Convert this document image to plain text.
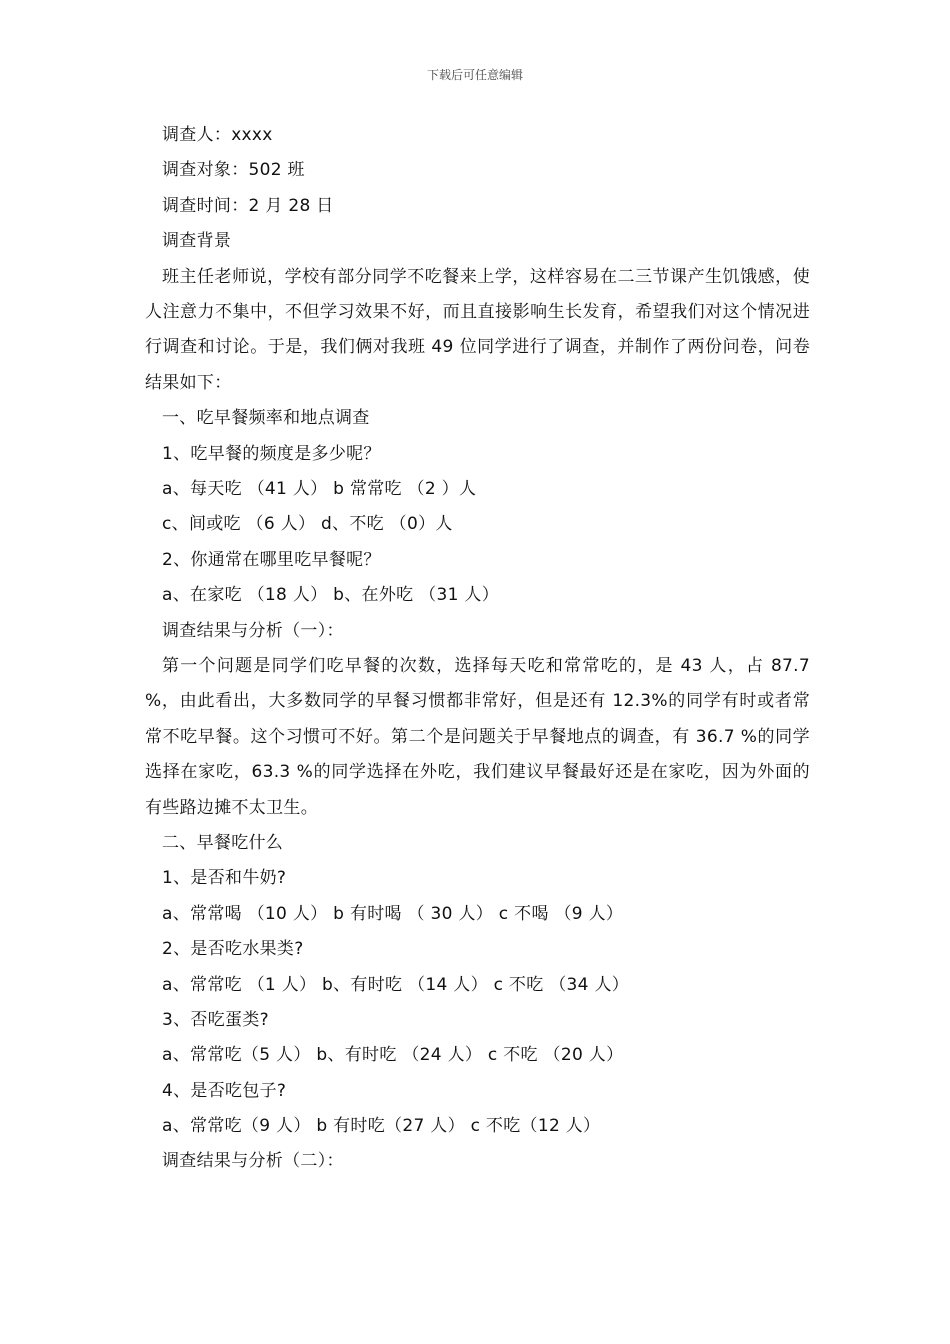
下载后可任意编辑
调查人：xxxx
调查对象：502 班
调查时间：2 月 28 日
调查背景

班主任老师说，学校有部分同学不吃餐来上学，这样容易在二三节课产生饥饿感，使人注意力不集中，不但学习效果不好，而且直接影响生长发育，希望我们对这个情况进行调查和讨论。于是，我们俩对我班 49 位同学进行了调查，并制作了两份问卷，问卷结果如下：

一、吃早餐频率和地点调查
1、吃早餐的频度是多少呢？
a、每天吃 （41 人） b 常常吃 （2 ）人
c、间或吃 （6 人） d、不吃 （0）人
2、你通常在哪里吃早餐呢？
a、在家吃 （18 人） b、在外吃 （31 人）
调查结果与分析（一）：

第一个问题是同学们吃早餐的次数，选择每天吃和常常吃的，是 43 人，占 87.7 %，由此看出，大多数同学的早餐习惯都非常好，但是还有 12.3%的同学有时或者常常不吃早餐。这个习惯可不好。第二个是问题关于早餐地点的调查，有 36.7 %的同学选择在家吃，63.3 %的同学选择在外吃，我们建议早餐最好还是在家吃，因为外面的有些路边摊不太卫生。

二、早餐吃什么
1、是否和牛奶?
a、常常喝 （10 人） b 有时喝 （ 30 人） c 不喝 （9 人）
2、是否吃水果类?
a、常常吃 （1 人） b、有时吃 （14 人） c 不吃 （34 人）
3、否吃蛋类?
a、常常吃（5 人） b、有时吃 （24 人） c 不吃 （20 人）
4、是否吃包子?
a、常常吃（9 人） b 有时吃（27 人） c 不吃（12 人）
调查结果与分析（二）：
